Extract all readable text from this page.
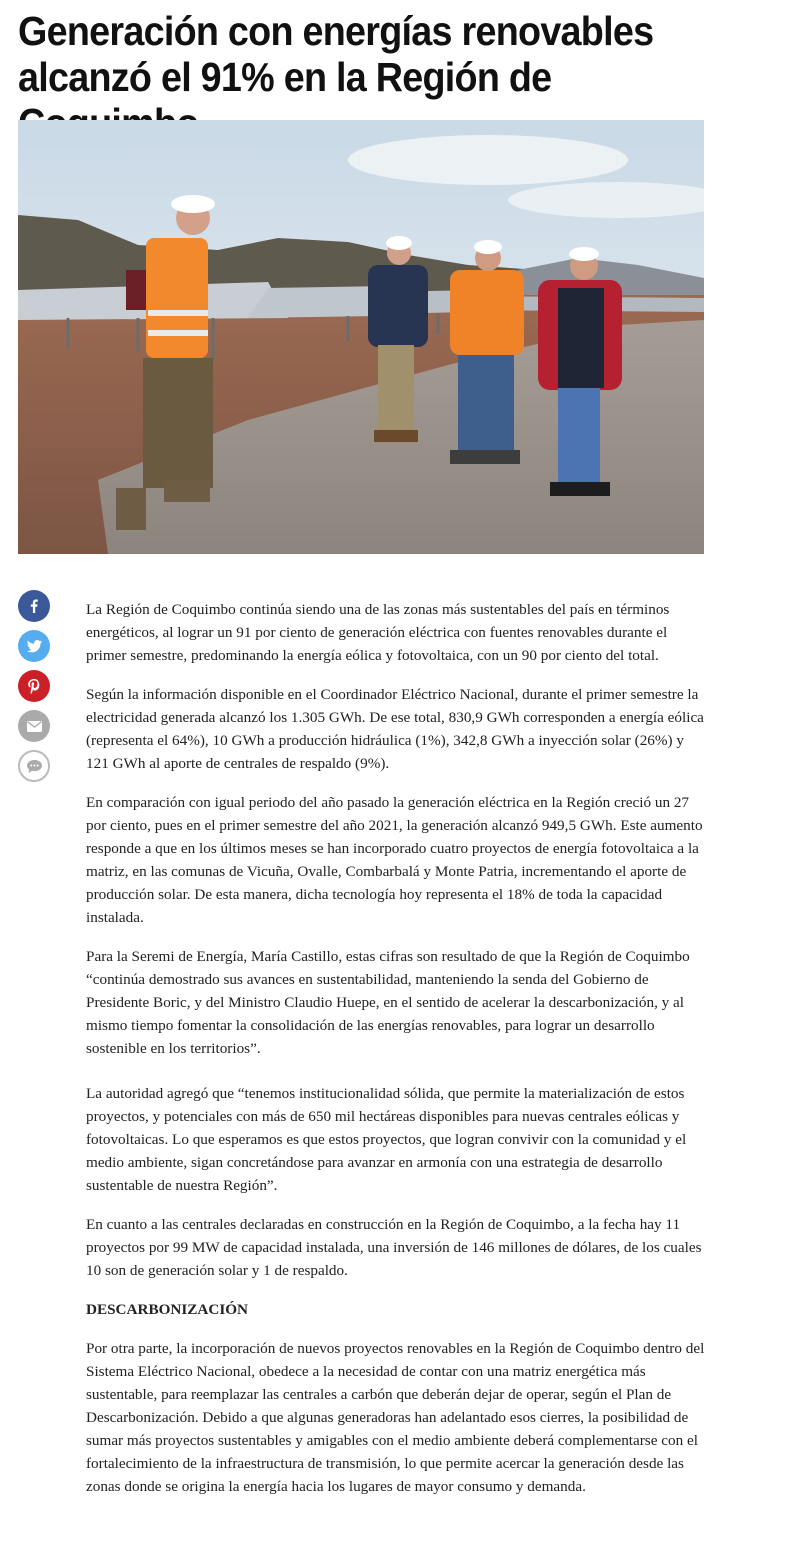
Generación con energías renovables alcanzó el 91% en la Región de

La Región de Coquimbo continúa siendo una de las zonas más sustentables del país en términos energéticos, al lograr un 91 por ciento de generación eléctrica con fuentes renovables durante el primer semestre, predominando la energía eólica y fotovoltaica, con un 90 por ciento del total.

Según la información disponible en el Coordinador Eléctrico Nacional, durante el primer semestre la electricidad generada alcanzó los 1.305 GWh. De ese total, 830,9 GWh corresponden a energía eólica (representa el 64%), 10 GWh a producción hidráulica (1%), 342,8 GWh a inyección solar (26%) y 121 GWh al aporte de centrales de respaldo (9%).

En comparación con igual periodo del año pasado la generación eléctrica en la Región creció un 27 por ciento, pues en el primer semestre del año 2021, la generación alcanzó 949,5 GWh. Este aumento responde a que en los últimos meses se han incorporado cuatro proyectos de energía fotovoltaica a la matriz, en las comunas de Vicuña, Ovalle, Combarbalá y Monte Patria, incrementando el aporte de producción solar. De esta manera, dicha tecnología hoy representa el 18% de toda la capacidad instalada.

Para la Seremi de Energía, María Castillo, estas cifras son resultado de que la Región de Coquimbo “continúa demostrado sus avances en sustentabilidad, manteniendo la senda del Gobierno de Presidente Boric, y del Ministro Claudio Huepe, en el sentido de acelerar la descarbonización, y al mismo tiempo fomentar la consolidación de las energías renovables, para lograr un desarrollo sostenible en los territorios”.

La autoridad agregó que “tenemos institucionalidad sólida, que permite la materialización de estos proyectos, y potenciales con más de 650 mil hectáreas disponibles para nuevas centrales eólicas y fotovoltaicas. Lo que esperamos es que estos proyectos, que logran convivir con la comunidad y el medio ambiente, sigan concretándose para avanzar en armonía con una estrategia de desarrollo sustentable de nuestra Región”.

En cuanto a las centrales declaradas en construcción en la Región de Coquimbo, a la fecha hay 11 proyectos por 99 MW de capacidad instalada, una inversión de 146 millones de dólares, de los cuales 10 son de generación solar y 1 de respaldo.

DESCARBONIZACIÓN

Por otra parte, la incorporación de nuevos proyectos renovables en la Región de Coquimbo dentro del Sistema Eléctrico Nacional, obedece a la necesidad de contar con una matriz energética más sustentable, para reemplazar las centrales a carbón que deberán dejar de operar, según el Plan de Descarbonización. Debido a que algunas generadoras han adelantado esos cierres, la posibilidad de sumar más proyectos sustentables y amigables con el medio ambiente deberá complementarse con el fortalecimiento de la infraestructura de transmisión, lo que permite acercar la generación desde las zonas donde se origina la energía hacia los lugares de mayor consumo y demanda.
